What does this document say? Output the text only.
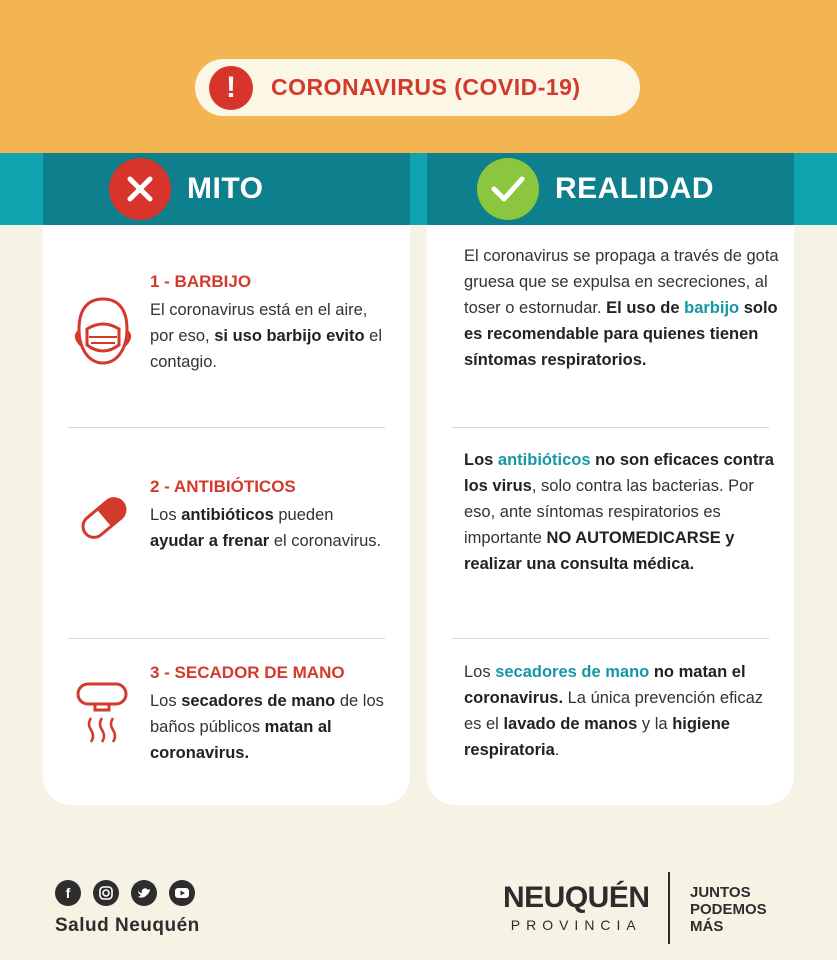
!	CORONAVIRUS (COVID-19)
MITO	REALIDAD
1 - BARBIJO

El coronavirus está en el aire, por eso, si uso barbijo evito el contagio.

2 - ANTIBIÓTICOS

Los antibióticos pueden ayudar a frenar el coronavirus.

3 - SECADOR DE MANO

Los secadores de mano de los baños públicos matan al coronavirus.

El coronavirus se propaga a través de gota gruesa que se expulsa en secreciones, al toser o estornudar. El uso de barbijo solo es recomendable para quienes tienen síntomas respiratorios.

Los antibióticos no son eficaces contra los virus, solo contra las bacterias. Por eso, ante síntomas respiratorios es importante NO AUTOMEDICARSE y realizar una consulta médica.

Los secadores de mano no matan el coronavirus. La única prevención eficaz es el lavado de manos y la higiene respiratoria.

f
Salud Neuquén
NEUQUÉN
PROVINCIA
JUNTOS
PODEMOS
MÁS
